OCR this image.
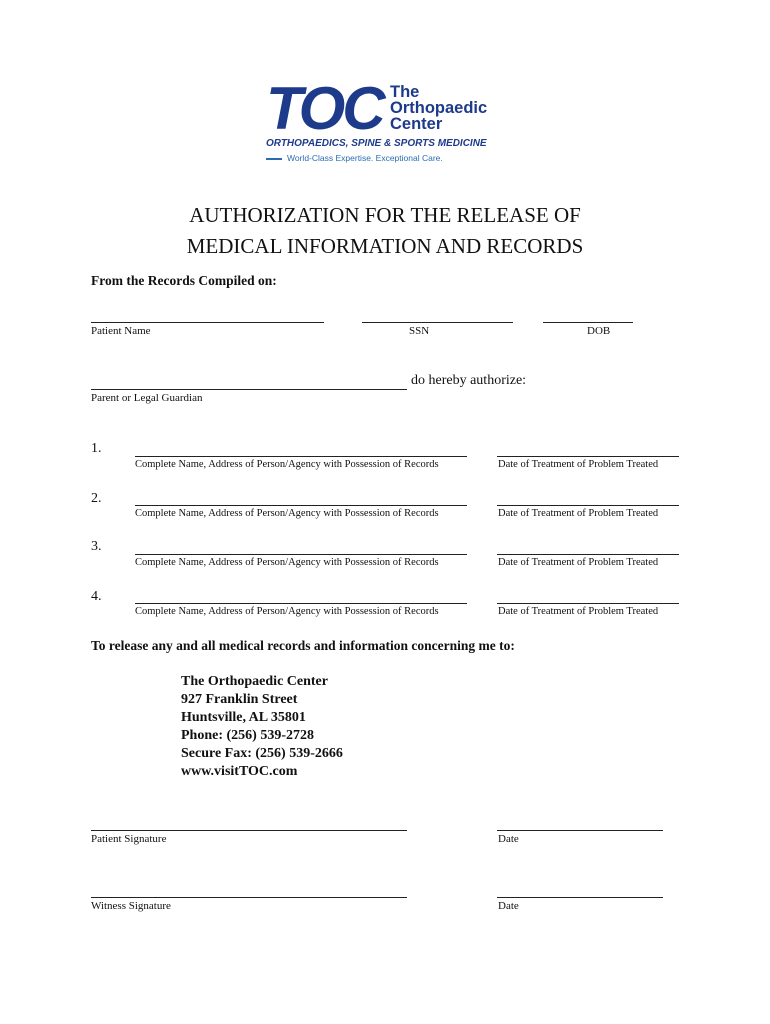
TOC The
Orthopaedic
Center
ORTHOPAEDICS, SPINE & SPORTS MEDICINE
World-Class Expertise. Exceptional Care.
AUTHORIZATION FOR THE RELEASE OF
MEDICAL INFORMATION AND RECORDS
From the Records Compiled on:
Patient Name	SSN	DOB
do hereby authorize:
Parent or Legal Guardian
1.
Complete Name, Address of Person/Agency with Possession of Records	Date of Treatment of Problem Treated
2.
Complete Name, Address of Person/Agency with Possession of Records	Date of Treatment of Problem Treated
3.
Complete Name, Address of Person/Agency with Possession of Records	Date of Treatment of Problem Treated
4.
Complete Name, Address of Person/Agency with Possession of Records	Date of Treatment of Problem Treated
To release any and all medical records and information concerning me to:
The Orthopaedic Center
927 Franklin Street
Huntsville, AL 35801
Phone: (256) 539-2728
Secure Fax: (256) 539-2666
www.visitTOC.com
Patient Signature	Date
Witness Signature	Date
